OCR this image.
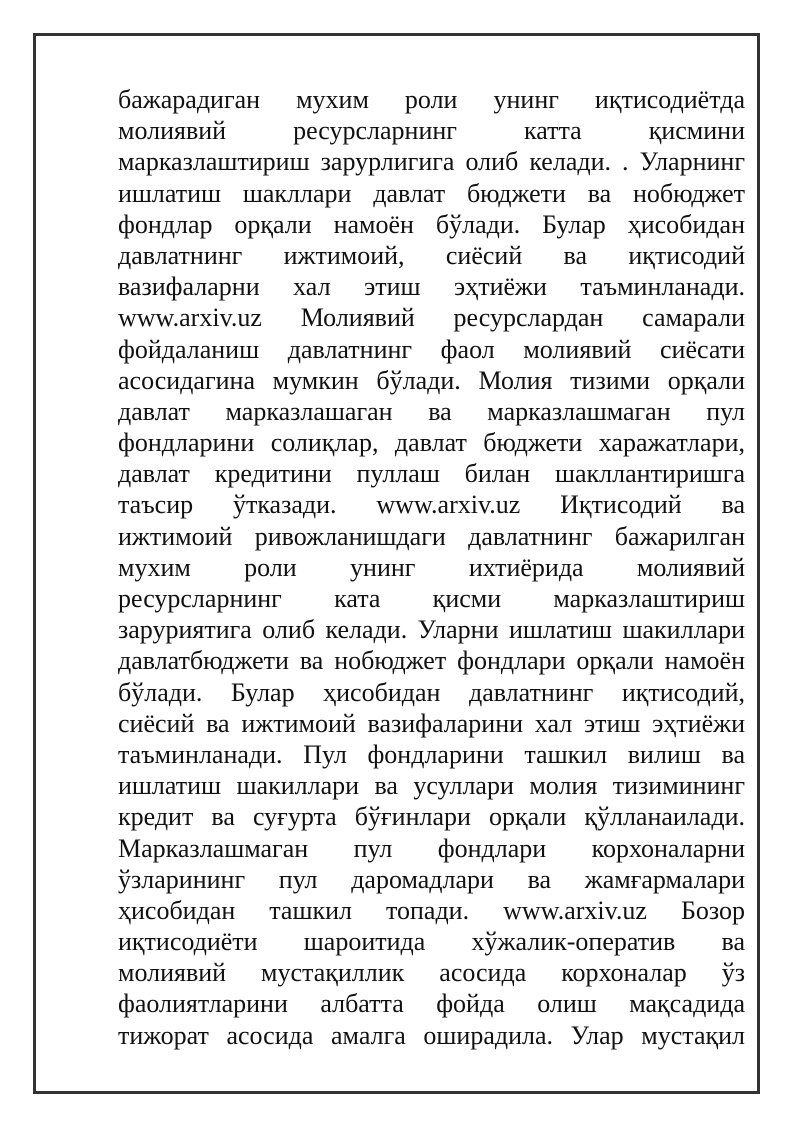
бажарадиган мухим роли унинг иқтисодиётда
молиявий ресурсларнинг катта қисмини
марказлаштириш зарурлигига олиб келади. . Уларнинг
ишлатиш шакллари давлат бюджети ва нобюджет
фондлар орқали намоён бўлади. Булар ҳисобидан
давлатнинг ижтимоий, сиёсий ва иқтисодий
вазифаларни хал этиш эҳтиёжи таъминланади.
www.arxiv.uz Молиявий ресурслардан самарали
фойдаланиш давлатнинг фаол молиявий сиёсати
асосидагина мумкин бўлади. Молия тизими орқали
давлат марказлашаган ва марказлашмаган пул
фондларини солиқлар, давлат бюджети харажатлари,
давлат кредитини пуллаш билан шакллантиришга
таъсир ўтказади. www.arxiv.uz Иқтисодий ва
ижтимоий ривожланишдаги давлатнинг бажарилган
мухим роли унинг ихтиёрида молиявий
ресурсларнинг ката қисми марказлаштириш
заруриятига олиб келади. Уларни ишлатиш шакиллари
давлатбюджети ва нобюджет фондлари орқали намоён
бўлади. Булар ҳисобидан давлатнинг иқтисодий,
сиёсий ва ижтимоий вазифаларини хал этиш эҳтиёжи
таъминланади. Пул фондларини ташкил вилиш ва
ишлатиш шакиллари ва усуллари молия тизимининг
кредит ва суғурта бўғинлари орқали қўлланаилади.
Марказлашмаган пул фондлари корхоналарни
ўзларининг пул даромадлари ва жамғармалари
ҳисобидан ташкил топади. www.arxiv.uz Бозор
иқтисодиёти шароитида хўжалик-оператив ва
молиявий мустақиллик асосида корхоналар ўз
фаолиятларини албатта фойда олиш мақсадида
тижорат асосида амалга оширадила. Улар мустақил
